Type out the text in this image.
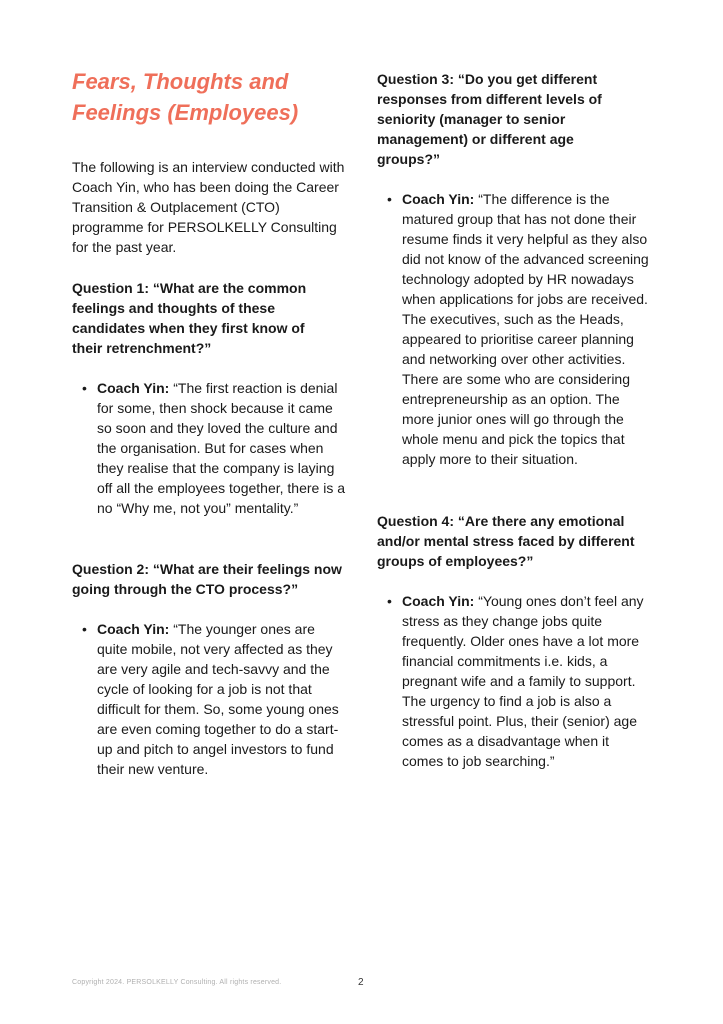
Fears, Thoughts and Feelings (Employees)

The following is an interview conducted with Coach Yin, who has been doing the Career Transition & Outplacement (CTO) programme for PERSOLKELLY Consulting for the past year.

Question 1: “What are the common feelings and thoughts of these candidates when they first know of their retrenchment?”

• Coach Yin: “The first reaction is denial for some, then shock because it came so soon and they loved the culture and the organisation. But for cases when they realise that the company is laying off all the employees together, there is a no “Why me, not you” mentality.”

Question 2: “What are their feelings now going through the CTO process?”

• Coach Yin: “The younger ones are quite mobile, not very affected as they are very agile and tech-savvy and the cycle of looking for a job is not that difficult for them. So, some young ones are even coming together to do a start-up and pitch to angel investors to fund their new venture.

Question 3: “Do you get different responses from different levels of seniority (manager to senior management) or different age groups?”

• Coach Yin: “The difference is the matured group that has not done their resume finds it very helpful as they also did not know of the advanced screening technology adopted by HR nowadays when applications for jobs are received. The executives, such as the Heads, appeared to prioritise career planning and networking over other activities. There are some who are considering entrepreneurship as an option. The more junior ones will go through the whole menu and pick the topics that apply more to their situation.

Question 4: “Are there any emotional and/or mental stress faced by different groups of employees?”

• Coach Yin: “Young ones don’t feel any stress as they change jobs quite frequently. Older ones have a lot more financial commitments i.e. kids, a pregnant wife and a family to support. The urgency to find a job is also a stressful point. Plus, their (senior) age comes as a disadvantage when it comes to job searching.”
Copyright 2024. PERSOLKELLY Consulting. All rights reserved.	2
